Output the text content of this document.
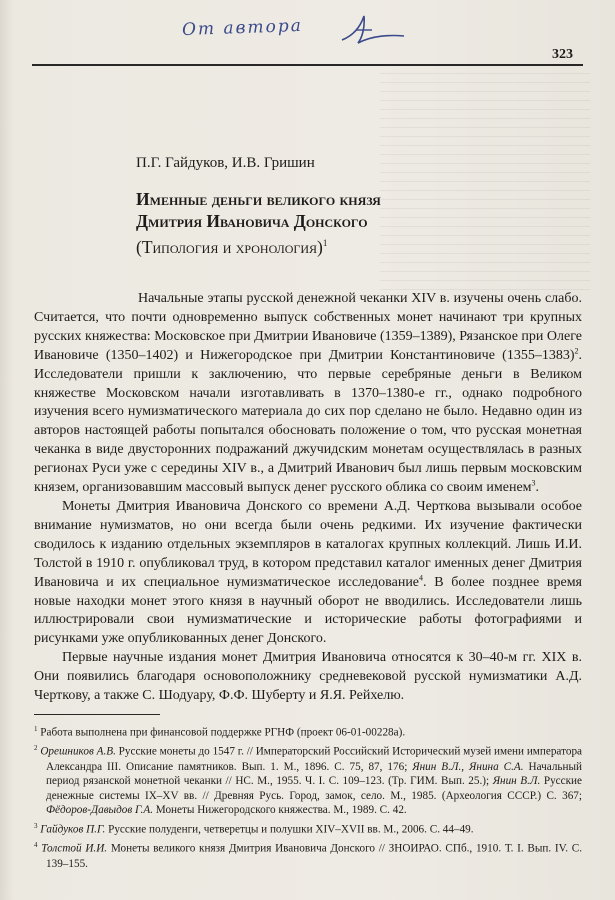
От автора
323
П.Г. Гайдуков, И.В. Гришин
Именные деньги великого князя
Дмитрия Ивановича Донского
(Типология и хронология)$^1$

Начальные этапы русской денежной чеканки XIV в. изучены очень слабо. Считается, что почти одновременно выпуск собственных монет начинают три крупных русских княжества: Московское при Дмитрии Ивановиче (1359–1389), Рязанское при Олеге Ивановиче (1350–1402) и Нижегородское при Дмитрии Константиновиче (1355–1383)$^2$. Исследователи пришли к заключению, что первые серебряные деньги в Великом княжестве Московском начали изготавливать в 1370–1380-е гг., однако подробного изучения всего нумизматического материала до сих пор сделано не было. Недавно один из авторов настоящей работы попытался обосновать положение о том, что русская монетная чеканка в виде двусторонних подражаний джучидским монетам осуществлялась в разных регионах Руси уже с середины XIV в., а Дмитрий Иванович был лишь первым московским князем, организовавшим массовый выпуск денег русского облика со своим именем$^3$.

Монеты Дмитрия Ивановича Донского со времени А.Д. Черткова вызывали особое внимание нумизматов, но они всегда были очень редкими. Их изучение фактически сводилось к изданию отдельных экземпляров в каталогах крупных коллекций. Лишь И.И. Толстой в 1910 г. опубликовал труд, в котором представил каталог именных денег Дмитрия Ивановича и их специальное нумизматическое исследование$^4$. В более позднее время новые находки монет этого князя в научный оборот не вводились. Исследователи лишь иллюстрировали свои нумизматические и исторические работы фотографиями и рисунками уже опубликованных денег Донского.

Первые научные издания монет Дмитрия Ивановича относятся к 30–40-м гг. XIX в. Они появились благодаря основоположнику средневековой русской нумизматики А.Д. Черткову, а также С. Шодуару, Ф.Ф. Шуберту и Я.Я. Рейхелю.

$^1$ Работа выполнена при финансовой поддержке РГНФ (проект 06-01-00228a).
$^2$ Орешников А.В. Русские монеты до 1547 г. // Императорский Российский Исторический музей имени императора Александра III. Описание памятников. Вып. 1. М., 1896. С. 75, 87, 176; Янин В.Л., Янина С.А. Начальный период рязанской монетной чеканки // НС. М., 1955. Ч. I. С. 109–123. (Тр. ГИМ. Вып. 25.); Янин В.Л. Русские денежные системы IX–XV вв. // Древняя Русь. Город, замок, село. М., 1985. (Археология СССР.) С. 367; Фёдоров-Давыдов Г.А. Монеты Нижегородского княжества. М., 1989. С. 42.
$^3$ Гайдуков П.Г. Русские полуденги, четверетцы и полушки XIV–XVII вв. М., 2006. С. 44–49.
$^4$ Толстой И.И. Монеты великого князя Дмитрия Ивановича Донского // ЗНОИРАО. СПб., 1910. Т. I. Вып. IV. С. 139–155.
